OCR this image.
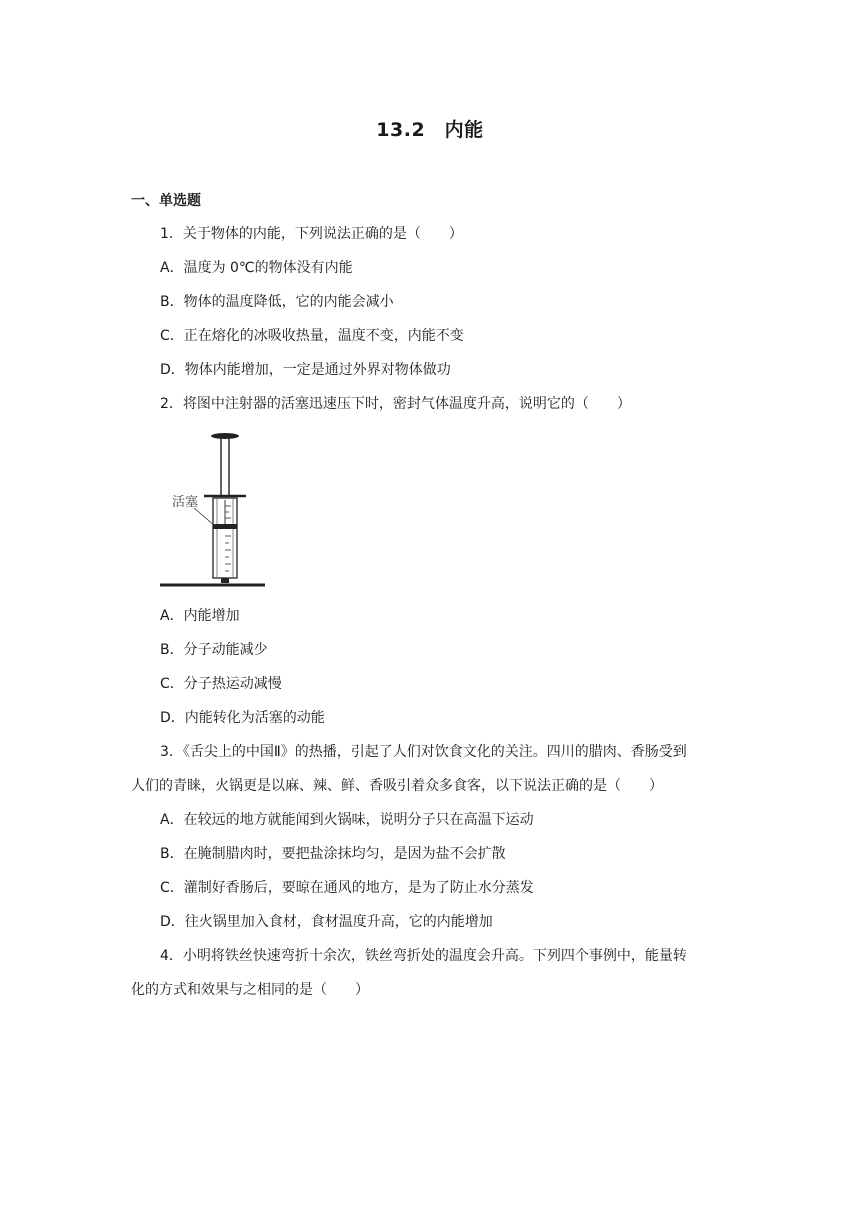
13.2　内能
一、单选题
1．关于物体的内能，下列说法正确的是（　　）
A．温度为 0℃的物体没有内能
B．物体的温度降低，它的内能会减小
C．正在熔化的冰吸收热量，温度不变，内能不变
D．物体内能增加，一定是通过外界对物体做功
2．将图中注射器的活塞迅速压下时，密封气体温度升高，说明它的（　　）
活塞
A．内能增加
B．分子动能减少
C．分子热运动减慢
D．内能转化为活塞的动能
3．《舌尖上的中国Ⅱ》的热播，引起了人们对饮食文化的关注。四川的腊肉、香肠受到
人们的青睐，火锅更是以麻、辣、鲜、香吸引着众多食客，以下说法正确的是（　　）
A．在较远的地方就能闻到火锅味，说明分子只在高温下运动
B．在腌制腊肉时，要把盐涂抹均匀，是因为盐不会扩散
C．灌制好香肠后，要晾在通风的地方，是为了防止水分蒸发
D．往火锅里加入食材，食材温度升高，它的内能增加
4．小明将铁丝快速弯折十余次，铁丝弯折处的温度会升高。下列四个事例中，能量转
化的方式和效果与之相同的是（　　）
